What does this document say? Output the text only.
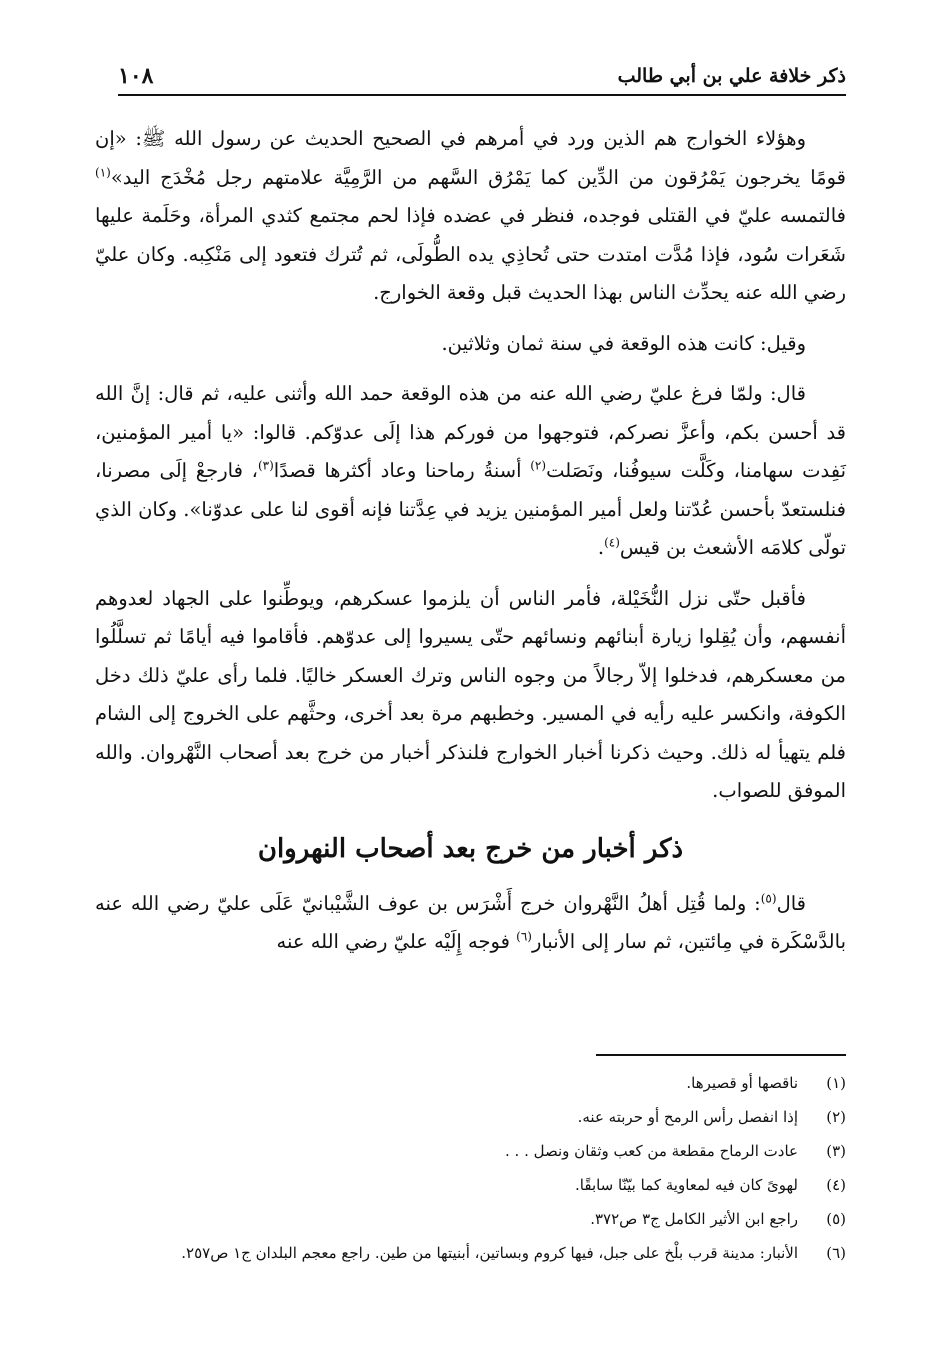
ذكر خلافة علي بن أبي طالب
١٠٨

وهؤلاء الخوارج هم الذين ورد في أمرهم في الصحيح الحديث عن رسول الله ﷺ: «إن قومًا يخرجون يَمْرُقون من الدِّين كما يَمْرُق السَّهم من الرَّمِيَّة علامتهم رجل مُخْدَج اليد»$^{(١)}$ فالتمسه عليّ في القتلى فوجده، فنظر في عضده فإذا لحم مجتمع كثدي المرأة، وحَلَمة عليها شَعَرات سُود، فإذا مُدَّت امتدت حتى تُحاذِي يده الطُّولَى، ثم تُترك فتعود إلى مَنْكِبه. وكان عليّ رضي الله عنه يحدِّث الناس بهذا الحديث قبل وقعة الخوارج.

وقيل: كانت هذه الوقعة في سنة ثمان وثلاثين.

قال: ولمّا فرغ عليّ رضي الله عنه من هذه الوقعة حمد الله وأثنى عليه، ثم قال: إنَّ الله قد أحسن بكم، وأعزَّ نصركم، فتوجهوا من فوركم هذا إلَى عدوّكم. قالوا: «يا أمير المؤمنين، نَفِدت سهامنا، وكَلَّت سيوفُنا، ونَصَلت$^{(٢)}$ أسنةُ رماحنا وعاد أكثرها قصدًا$^{(٣)}$، فارجعْ إلَى مصرنا، فنلستعدّ بأحسن عُدّتنا ولعل أمير المؤمنين يزيد في عِدَّتنا فإنه أقوى لنا على عدوّنا». وكان الذي تولّى كلامَه الأشعث بن قيس$^{(٤)}$.

فأقبل حتّى نزل النُّخَيْلة، فأمر الناس أن يلزموا عسكرهم، ويوطِّنوا على الجهاد لعدوهم أنفسهم، وأن يُقِلوا زيارة أبنائهم ونسائهم حتّى يسيروا إلى عدوّهم. فأقاموا فيه أيامًا ثم تسلَّلُوا من معسكرهم، فدخلوا إلاّ رجالاً من وجوه الناس وترك العسكر خاليًا. فلما رأى عليّ ذلك دخل الكوفة، وانكسر عليه رأيه في المسير. وخطبهم مرة بعد أخرى، وحثَّهم على الخروج إلى الشام فلم يتهيأ له ذلك. وحيث ذكرنا أخبار الخوارج فلنذكر أخبار من خرج بعد أصحاب النَّهْروان. والله الموفق للصواب.

ذكر أخبار من خرج بعد أصحاب النهروان

قال$^{(٥)}$: ولما قُتِل أهلُ النَّهْروان خرج أَشْرَس بن عوف الشَّيْبانيّ عَلَى عليّ رضي الله عنه بالدَّسْكَرة في مِائتين، ثم سار إلى الأنبار$^{(٦)}$ فوجه إِلَيْه عليّ رضي الله عنه

(١)
ناقصها أو قصيرها.
(٢)
إذا انفصل رأس الرمح أو حربته عنه.
(٣)
عادت الرماح مقطعة من كعب وثقان ونصل . . .
(٤)
لهوىً كان فيه لمعاوية كما بيّنّا سابقًا.
(٥)
راجع ابن الأثير الكامل ج٣ ص٣٧٢.
(٦)
الأنبار: مدينة قرب بلْخ على جبل، فيها كروم وبساتين، أبنيتها من طين. راجع معجم البلدان ج١ ص٢٥٧.
